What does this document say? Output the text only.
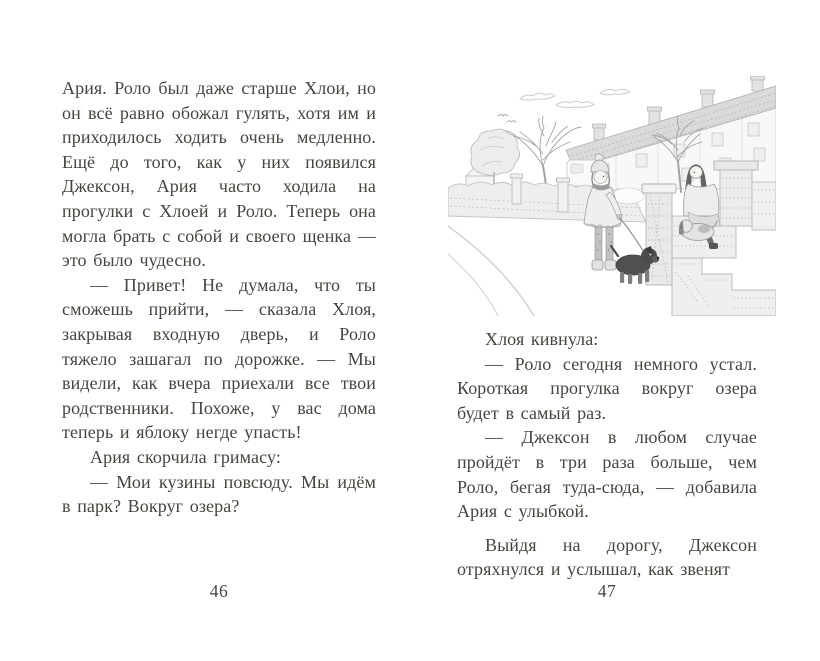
Ария. Роло был даже старше Хлои, но он всё равно обожал гулять, хотя им и приходилось ходить очень медленно. Ещё до того, как у них появился Джексон, Ария часто ходила на прогулки с Хлоей и Роло. Теперь она могла брать с собой и своего щенка — это было чудесно.

— Привет! Не думала, что ты сможешь прийти, — сказала Хлоя, закрывая входную дверь, и Роло тяжело зашагал по дорожке. — Мы видели, как вчера приехали все твои родственники. Похоже, у вас дома теперь и яблоку негде упасть!

Ария скорчила гримасу:

— Мои кузины повсюду. Мы идём в парк? Вокруг озера?

46

Хлоя кивнула:

— Роло сегодня немного устал. Короткая прогулка вокруг озера будет в самый раз.

— Джексон в любом случае пройдёт в три раза больше, чем Роло, бегая туда-сюда, — добавила Ария с улыбкой.

Выйдя на дорогу, Джексон отряхнулся и услышал, как звенят

47
